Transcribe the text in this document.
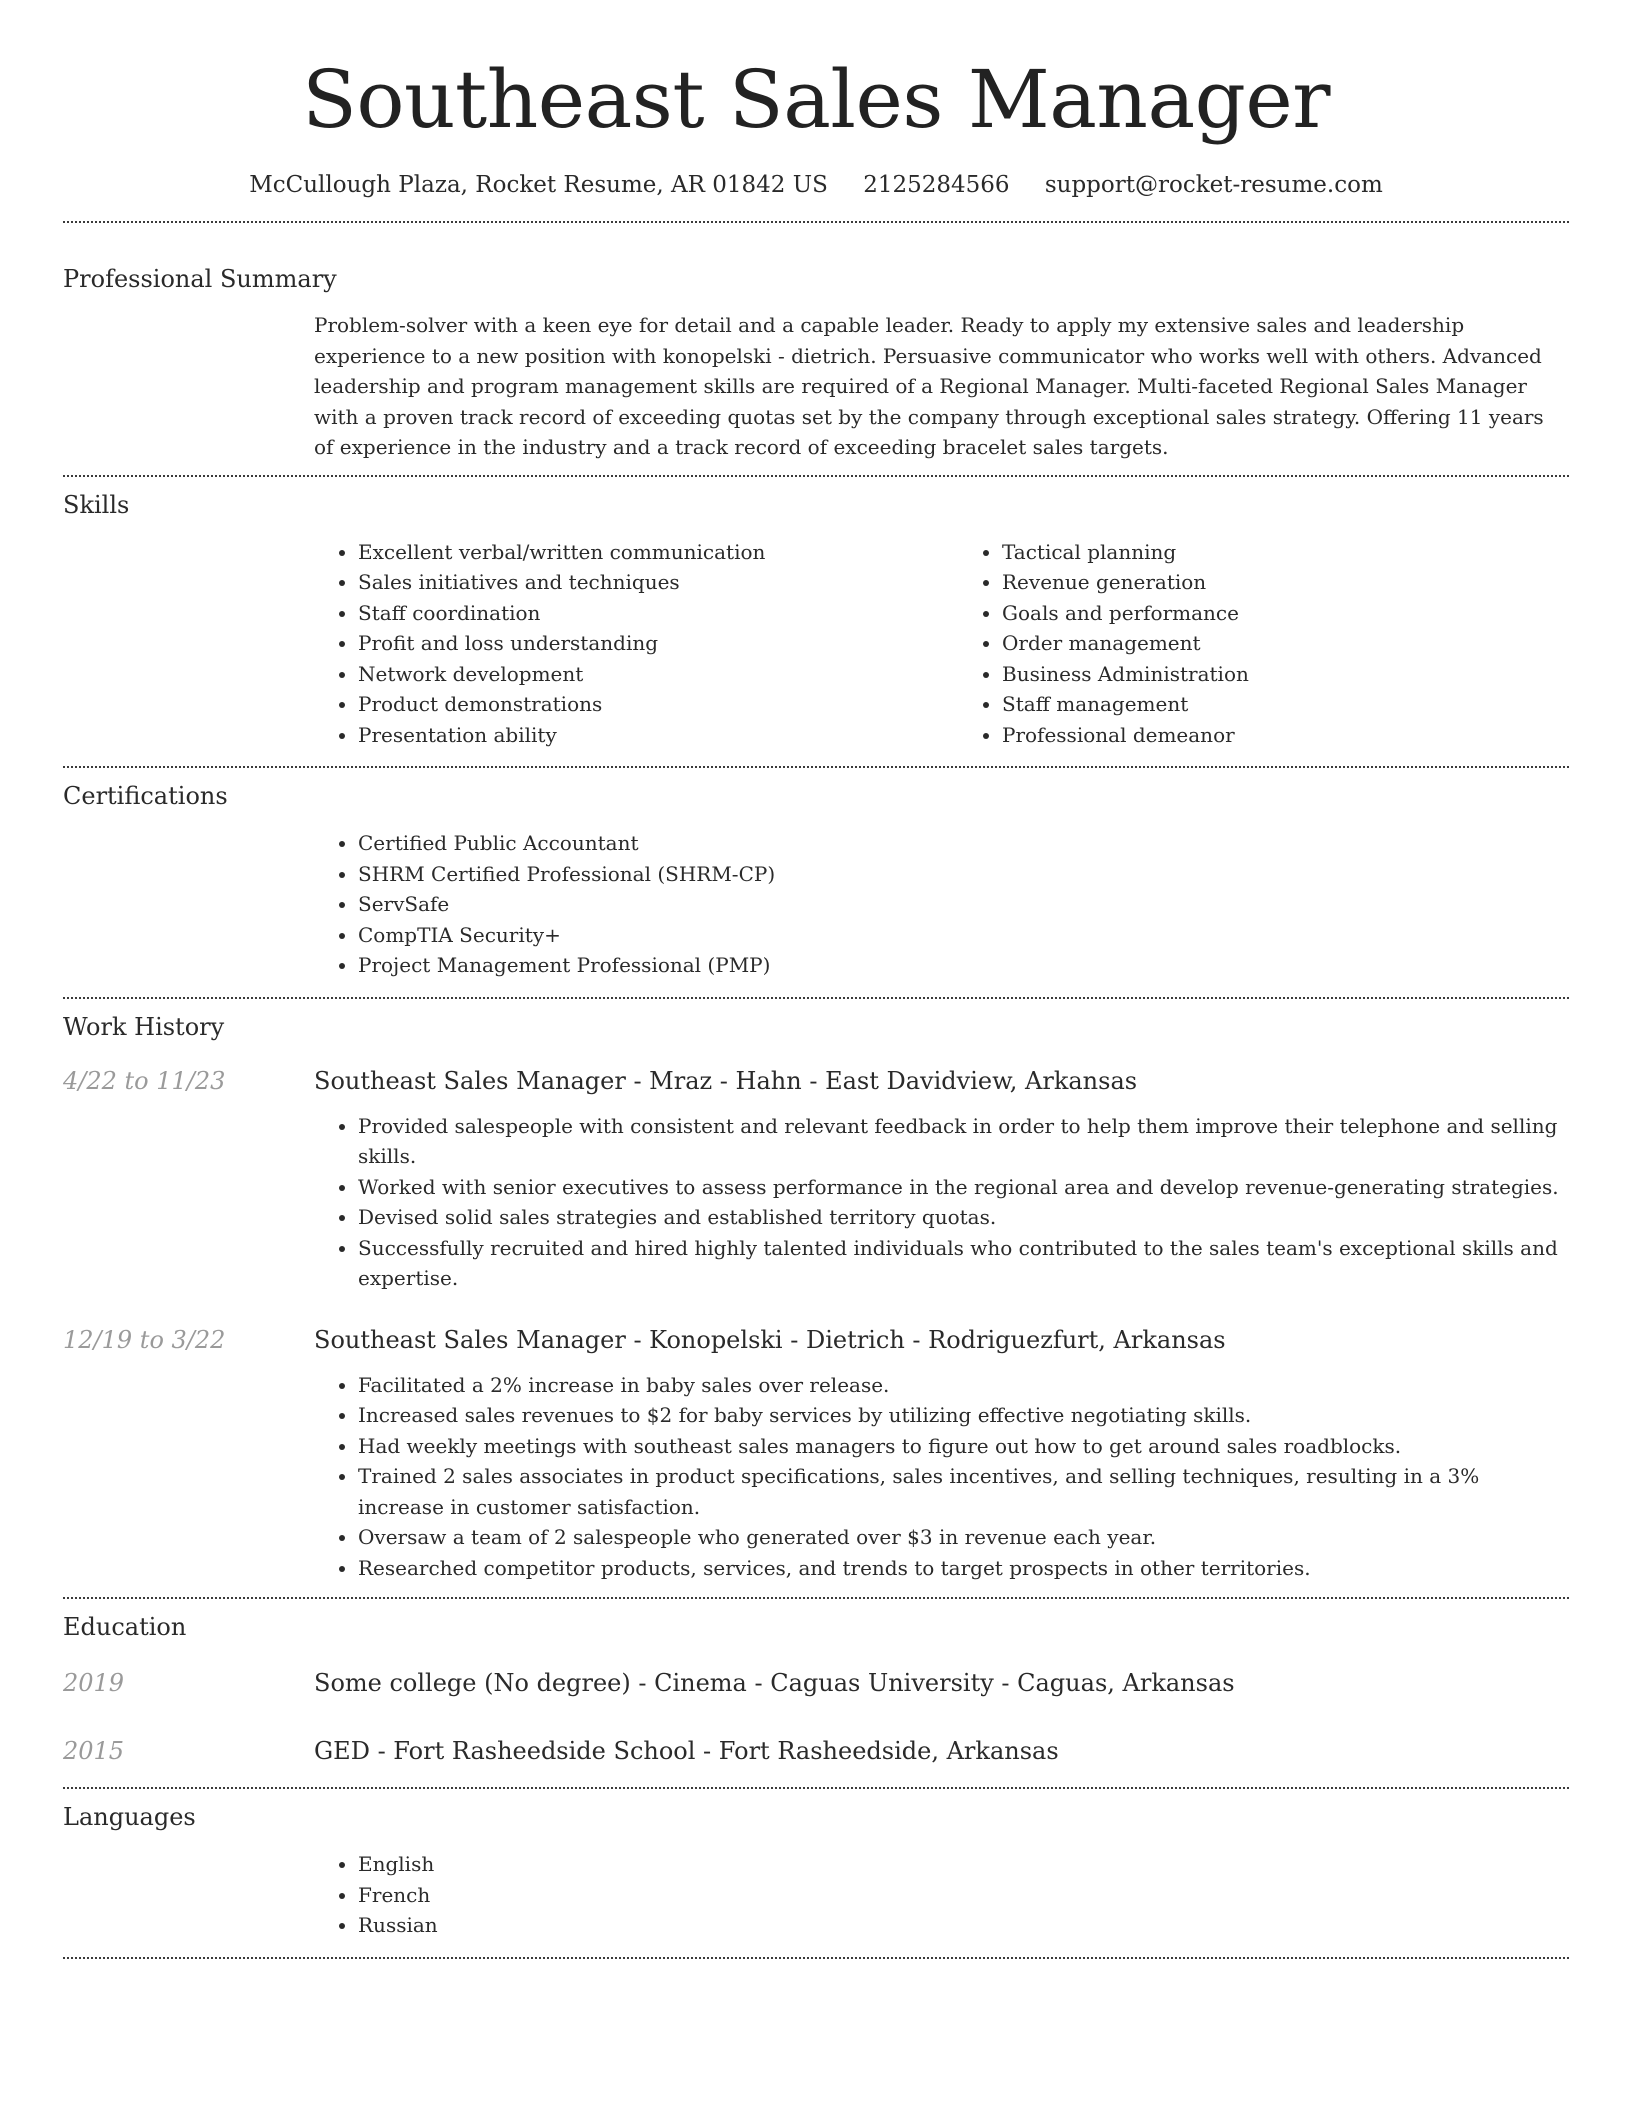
Southeast Sales Manager
McCullough Plaza, Rocket Resume, AR 01842 US 2125284566 support@rocket-resume.com
Professional Summary

Problem-solver with a keen eye for detail and a capable leader. Ready to apply my extensive sales and leadership experience to a new position with konopelski - dietrich. Persuasive communicator who works well with others. Advanced leadership and program management skills are required of a Regional Manager. Multi-faceted Regional Sales Manager with a proven track record of exceeding quotas set by the company through exceptional sales strategy. Offering 11 years of experience in the industry and a track record of exceeding bracelet sales targets.

Skills
• Excellent verbal/written communication
• Sales initiatives and techniques
• Staff coordination
• Profit and loss understanding
• Network development
• Product demonstrations
• Presentation ability
• Tactical planning
• Revenue generation
• Goals and performance
• Order management
• Business Administration
• Staff management
• Professional demeanor
Certifications
• Certified Public Accountant
• SHRM Certified Professional (SHRM-CP)
• ServSafe
• CompTIA Security+
• Project Management Professional (PMP)
Work History
4/22 to 11/23	Southeast Sales Manager - Mraz - Hahn - East Davidview, Arkansas
• Provided salespeople with consistent and relevant feedback in order to help them improve their telephone and selling skills.
• Worked with senior executives to assess performance in the regional area and develop revenue-generating strategies.
• Devised solid sales strategies and established territory quotas.
• Successfully recruited and hired highly talented individuals who contributed to the sales team's exceptional skills and expertise.
12/19 to 3/22	Southeast Sales Manager - Konopelski - Dietrich - Rodriguezfurt, Arkansas
• Facilitated a 2% increase in baby sales over release.
• Increased sales revenues to $2 for baby services by utilizing effective negotiating skills.
• Had weekly meetings with southeast sales managers to figure out how to get around sales roadblocks.
• Trained 2 sales associates in product specifications, sales incentives, and selling techniques, resulting in a 3% increase in customer satisfaction.
• Oversaw a team of 2 salespeople who generated over $3 in revenue each year.
• Researched competitor products, services, and trends to target prospects in other territories.
Education
2019	Some college (No degree) - Cinema - Caguas University - Caguas, Arkansas
2015	GED - Fort Rasheedside School - Fort Rasheedside, Arkansas
Languages
• English
• French
• Russian
